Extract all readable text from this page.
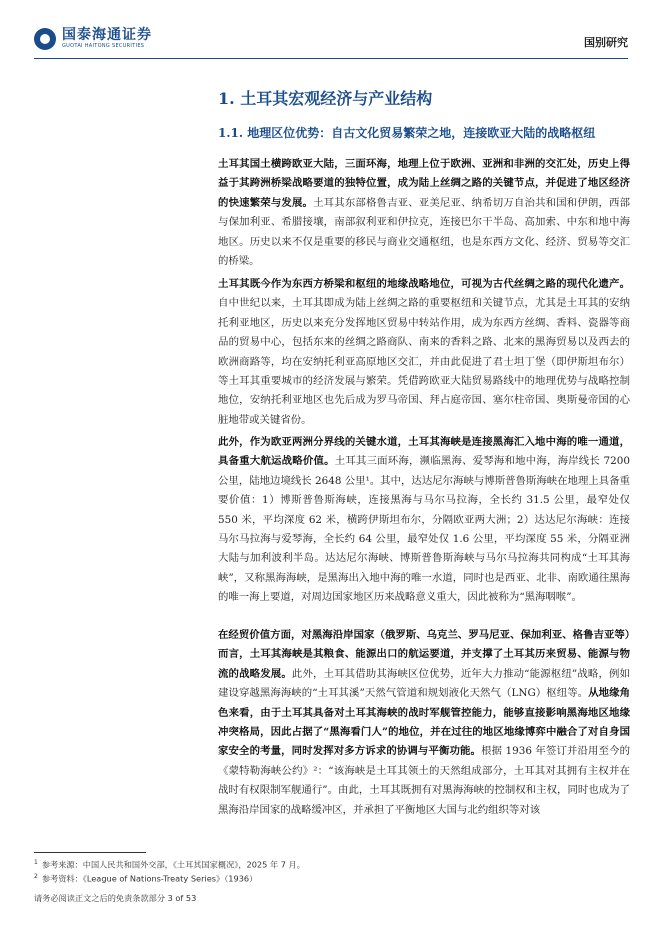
国泰海通证券
GUOTAI HAITONG SECURITIES	国别研究
1. 土耳其宏观经济与产业结构
1.1. 地理区位优势：自古文化贸易繁荣之地，连接欧亚大陆的战略枢纽
土耳其国土横跨欧亚大陆，三面环海，地理上位于欧洲、亚洲和非洲的交汇处，历史上得益于其跨洲桥梁战略要道的独特位置，成为陆上丝绸之路的关键节点，并促进了地区经济的快速繁荣与发展。土耳其东部格鲁吉亚、亚美尼亚、纳希切万自治共和国和伊朗，西部与保加利亚、希腊接壤，南部叙利亚和伊拉克，连接巴尔干半岛、高加索、中东和地中海地区。历史以来不仅是重要的移民与商业交通枢纽，也是东西方文化、经济、贸易等交汇的桥梁。
土耳其既今作为东西方桥梁和枢纽的地缘战略地位，可视为古代丝绸之路的现代化遗产。自中世纪以来，土耳其即成为陆上丝绸之路的重要枢纽和关键节点，尤其是土耳其的安纳托利亚地区，历史以来充分发挥地区贸易中转站作用，成为东西方丝绸、香料、瓷器等商品的贸易中心，包括东来的丝绸之路商队、南来的香料之路、北来的黑海贸易以及西去的欧洲商路等，均在安纳托利亚高原地区交汇，并由此促进了君士坦丁堡（即伊斯坦布尔）等土耳其重要城市的经济发展与繁荣。凭借跨欧亚大陆贸易路线中的地理优势与战略控制地位，安纳托利亚地区也先后成为罗马帝国、拜占庭帝国、塞尔柱帝国、奥斯曼帝国的心脏地带或关键省份。
此外，作为欧亚两洲分界线的关键水道，土耳其海峡是连接黑海汇入地中海的唯一通道，具备重大航运战略价值。土耳其三面环海，濒临黑海、爱琴海和地中海，海岸线长 7200 公里，陆地边境线长 2648 公里¹。其中，达达尼尔海峡与博斯普鲁斯海峡在地理上具备重要价值：1）博斯普鲁斯海峡，连接黑海与马尔马拉海，全长约 31.5 公里，最窄处仅 550 米，平均深度 62 米，横跨伊斯坦布尔，分隔欧亚两大洲；2）达达尼尔海峡：连接马尔马拉海与爱琴海，全长约 64 公里，最窄处仅 1.6 公里，平均深度 55 米，分隔亚洲大陆与加利波利半岛。达达尼尔海峡、博斯普鲁斯海峡与马尔马拉海共同构成“土耳其海峡”，又称黑海海峡，是黑海出入地中海的唯一水道，同时也是西亚、北非、南欧通往黑海的唯一海上要道，对周边国家地区历来战略意义重大，因此被称为“黑海咽喉”。
在经贸价值方面，对黑海沿岸国家（俄罗斯、乌克兰、罗马尼亚、保加利亚、格鲁吉亚等）而言，土耳其海峡是其粮食、能源出口的航运要道，并支撑了土耳其历来贸易、能源与物流的战略发展。此外，土耳其借助其海峡区位优势，近年大力推动“能源枢纽”战略，例如建设穿越黑海海峡的“土耳其溪”天然气管道和规划液化天然气（LNG）枢纽等。从地缘角色来看，由于土耳其具备对土耳其海峡的战时军舰管控能力，能够直接影响黑海地区地缘冲突格局，因此占据了“黑海看门人”的地位，并在过往的地区地缘博弈中融合了对自身国家安全的考量，同时发挥对多方诉求的协调与平衡功能。根据 1936 年签订并沿用至今的《蒙特勒海峡公约》²：“该海峡是土耳其领土的天然组成部分，土耳其对其拥有主权并在战时有权限制军舰通行”。由此，土耳其既拥有对黑海海峡的控制权和主权，同时也成为了黑海沿岸国家的战略缓冲区，并承担了平衡地区大国与北约组织等对该
$^1$ 参考来源：中国人民共和国外交部，《土耳其国家概况》，2025 年 7 月。
$^2$ 参考资料：《League of Nations-Treaty Series》（1936）
请务必阅读正文之后的免责条款部分 3 of 53
